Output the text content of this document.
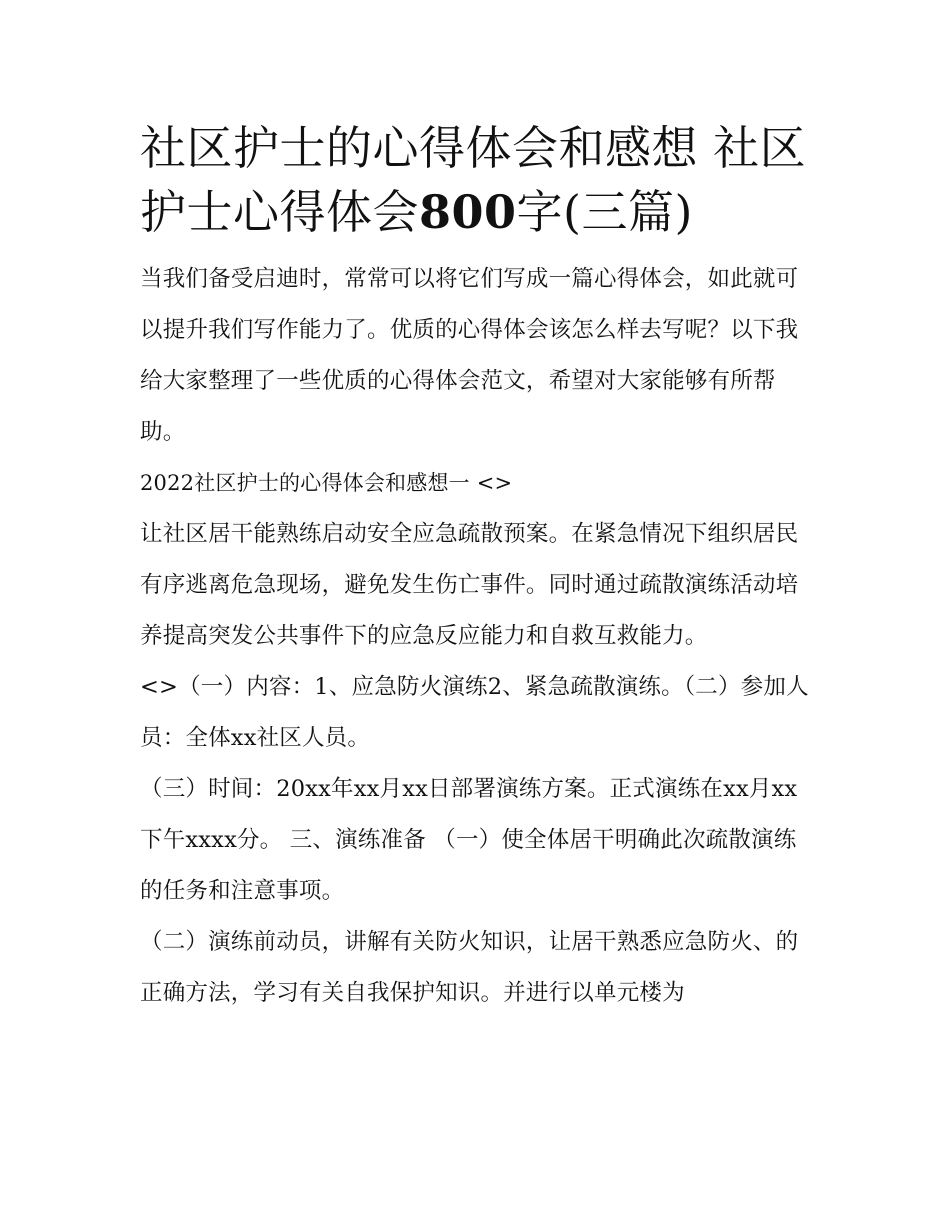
社区护士的心得体会和感想 社区护士心得体会800字(三篇)

当我们备受启迪时，常常可以将它们写成一篇心得体会，如此就可以提升我们写作能力了。优质的心得体会该怎么样去写呢？以下我给大家整理了一些优质的心得体会范文，希望对大家能够有所帮助。

2022社区护士的心得体会和感想一 <>

让社区居干能熟练启动安全应急疏散预案。在紧急情况下组织居民有序逃离危急现场，避免发生伤亡事件。同时通过疏散演练活动培养提高突发公共事件下的应急反应能力和自救互救能力。

<>（一）内容：1、应急防火演练2、紧急疏散演练。（二）参加人员：全体xx社区人员。

（三）时间：20xx年xx月xx日部署演练方案。正式演练在xx月xx下午xxxx分。 三、演练准备 （一）使全体居干明确此次疏散演练的任务和注意事项。

（二）演练前动员，讲解有关防火知识，让居干熟悉应急防火、的正确方法，学习有关自我保护知识。并进行以单元楼为
